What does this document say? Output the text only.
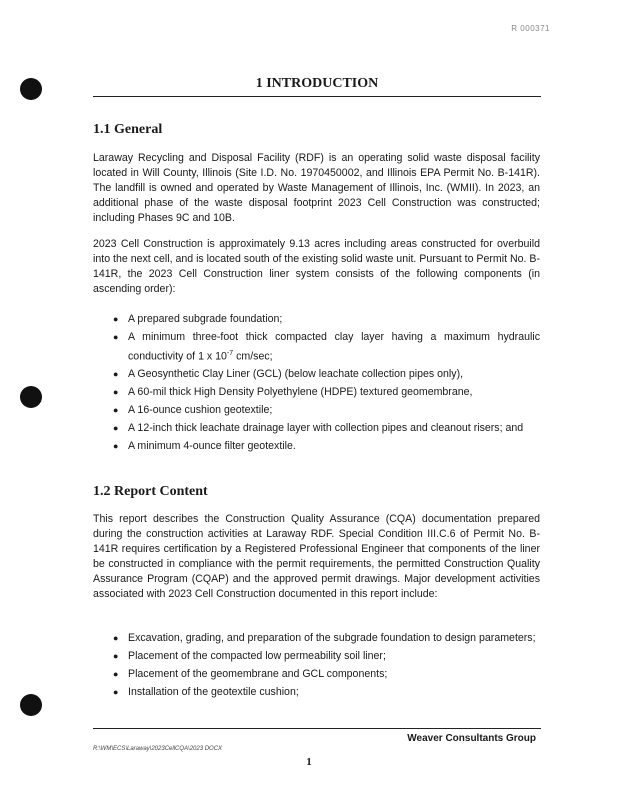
R 000371
1 INTRODUCTION
1.1 General

Laraway Recycling and Disposal Facility (RDF) is an operating solid waste disposal facility located in Will County, Illinois (Site I.D. No. 1970450002, and Illinois EPA Permit No. B-141R). The landfill is owned and operated by Waste Management of Illinois, Inc. (WMII). In 2023, an additional phase of the waste disposal footprint 2023 Cell Construction was constructed; including Phases 9C and 10B.

2023 Cell Construction is approximately 9.13 acres including areas constructed for overbuild into the next cell, and is located south of the existing solid waste unit. Pursuant to Permit No. B-141R, the 2023 Cell Construction liner system consists of the following components (in ascending order):

● A prepared subgrade foundation;
● A minimum three-foot thick compacted clay layer having a maximum hydraulic conductivity of 1 x $10^{-7}$ cm/sec;
● A Geosynthetic Clay Liner (GCL) (below leachate collection pipes only),
● A 60-mil thick High Density Polyethylene (HDPE) textured geomembrane,
● A 16-ounce cushion geotextile;
● A 12-inch thick leachate drainage layer with collection pipes and cleanout risers; and
● A minimum 4-ounce filter geotextile.
1.2 Report Content

This report describes the Construction Quality Assurance (CQA) documentation prepared during the construction activities at Laraway RDF. Special Condition III.C.6 of Permit No. B-141R requires certification by a Registered Professional Engineer that components of the liner be constructed in compliance with the permit requirements, the permitted Construction Quality Assurance Program (CQAP) and the approved permit drawings. Major development activities associated with 2023 Cell Construction documented in this report include:

● Excavation, grading, and preparation of the subgrade foundation to design parameters;
● Placement of the compacted low permeability soil liner;
● Placement of the geomembrane and GCL components;
● Installation of the geotextile cushion;
Weaver Consultants Group
R:\WM\ECS\Laraway\2023CellCQA\2023 DOCX
1
